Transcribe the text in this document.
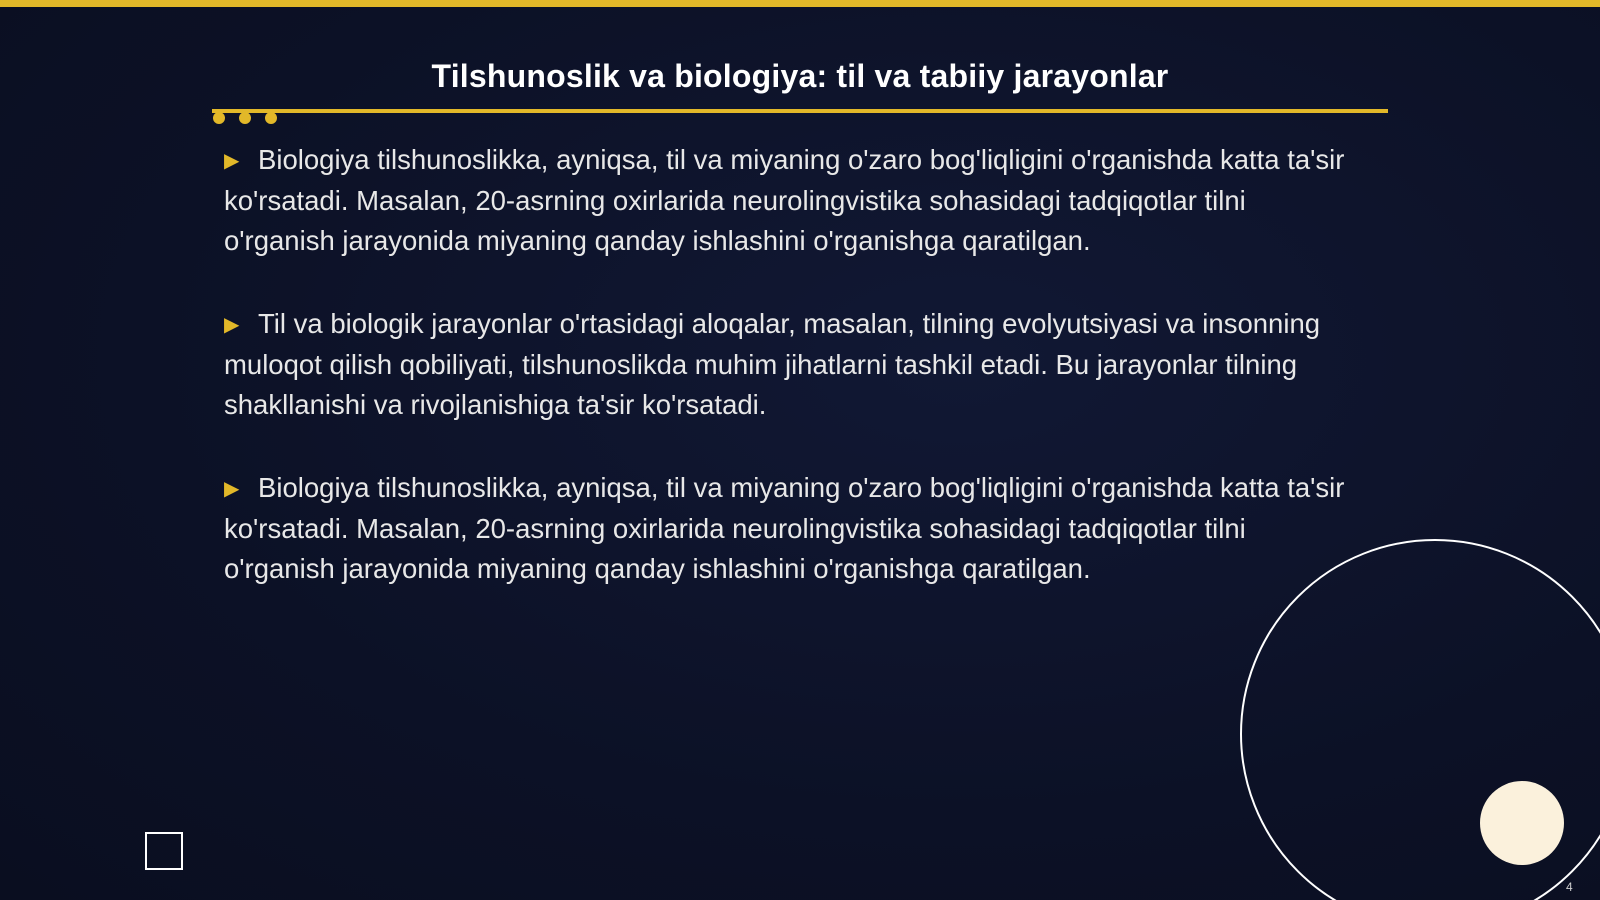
Tilshunoslik va biologiya: til va tabiiy jarayonlar

▶ Biologiya tilshunoslikka, ayniqsa, til va miyaning o'zaro bog'liqligini o'rganishda katta ta'sir ko'rsatadi. Masalan, 20-asrning oxirlarida neurolingvistika sohasidagi tadqiqotlar tilni o'rganish jarayonida miyaning qanday ishlashini o'rganishga qaratilgan.

▶ Til va biologik jarayonlar o'rtasidagi aloqalar, masalan, tilning evolyutsiyasi va insonning muloqot qilish qobiliyati, tilshunoslikda muhim jihatlarni tashkil etadi. Bu jarayonlar tilning shakllanishi va rivojlanishiga ta'sir ko'rsatadi.

▶ Biologiya tilshunoslikka, ayniqsa, til va miyaning o'zaro bog'liqligini o'rganishda katta ta'sir ko'rsatadi. Masalan, 20-asrning oxirlarida neurolingvistika sohasidagi tadqiqotlar tilni o'rganish jarayonida miyaning qanday ishlashini o'rganishga qaratilgan.

4
